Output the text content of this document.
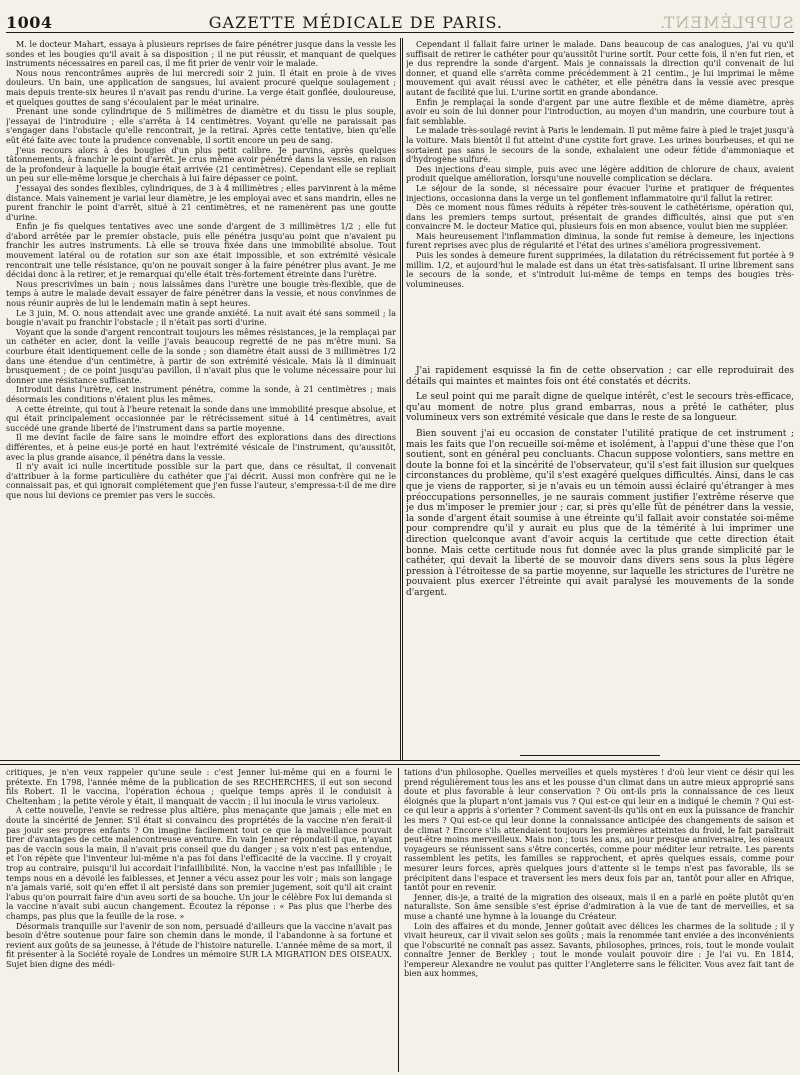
1004	GAZETTE MÉDICALE DE PARIS.	SUPPLÉMENT.

M. le docteur Mahart, essaya à plusieurs reprises de faire pénétrer jusque dans la vessie les sondes et les bougies qu'il avait à sa disposition ; il ne put réussir, et manquant de quelques instruments nécessaires en pareil cas, il me fit prier de venir voir le malade.

Nous nous rencontrâmes auprès de lui mercredi soir 2 juin. Il était en proie à de vives douleurs. Un bain, une application de sangsues, lui avaient procuré quelque soulagement ; mais depuis trente-six heures il n'avait pas rendu d'urine. La verge était gonflée, douloureuse, et quelques gouttes de sang s'écoulaient par le méat urinaire.

Prenant une sonde cylindrique de 5 millimètres de diamètre et du tissu le plus souple, j'essayai de l'introduire ; elle s'arrêta à 14 centimètres. Voyant qu'elle ne paraissait pas s'engager dans l'obstacle qu'elle rencontrait, je la retirai. Après cette tentative, bien qu'elle eût été faite avec toute la prudence convenable, il sortit encore un peu de sang.

J'eus recours alors à des bougies d'un plus petit calibre. Je parvins, après quelques tâtonnements, à franchir le point d'arrêt. Je crus même avoir pénétré dans la vessie, en raison de la profondeur à laquelle la bougie était arrivée (21 centimètres). Cependant elle se repliait un peu sur elle-même lorsque je cherchais à lui faire dépasser ce point.

J'essayai des sondes flexibles, cylindriques, de 3 à 4 millimètres ; elles parvinrent à la même distance. Mais vainement je variai leur diamètre, je les employai avec et sans mandrin, elles ne purent franchir le point d'arrêt, situé à 21 centimètres, et ne ramenèrent pas une goutte d'urine.

Enfin je fis quelques tentatives avec une sonde d'argent de 3 millimètres 1/2 ; elle fut d'abord arrêtée par le premier obstacle, puis elle pénétra jusqu'au point que n'avaient pu franchir les autres instruments. Là elle se trouva fixée dans une immobilité absolue. Tout mouvement latéral ou de rotation sur son axe était impossible, et son extrémité vésicale rencontrait une telle résistance, qu'on ne pouvait songer à la faire pénétrer plus avant. Je me décidai donc à la retirer, et je remarquai qu'elle était très-fortement étreinte dans l'urètre.

Nous prescrivîmes un bain ; nous laissâmes dans l'urètre une bougie très-flexible, que de temps à autre le malade devait essayer de faire pénétrer dans la vessie, et nous convînmes de nous réunir auprès de lui le lendemain matin à sept heures.

Le 3 juin, M. O. nous attendait avec une grande anxiété. La nuit avait été sans sommeil ; la bougie n'avait pu franchir l'obstacle ; il n'était pas sorti d'urine.

Voyant que la sonde d'argent rencontrait toujours les mêmes résistances, je la remplaçai par un cathéter en acier, dont la veille j'avais beaucoup regretté de ne pas m'être muni. Sa courbure était identiquement celle de la sonde ; son diamètre était aussi de 3 millimètres 1/2 dans une étendue d'un centimètre, à partir de son extrémité vésicale. Mais là il diminuait brusquement ; de ce point jusqu'au pavillon, il n'avait plus que le volume nécessaire pour lui donner une résistance suffisante.

Introduit dans l'urètre, cet instrument pénétra, comme la sonde, à 21 centimètres ; mais désormais les conditions n'étaient plus les mêmes.

A cette étreinte, qui tout à l'heure retenait la sonde dans une immobilité presque absolue, et qui était principalement occasionnée par le rétrécissement situé à 14 centimètres, avait succédé une grande liberté de l'instrument dans sa partie moyenne.

Il me devint facile de faire sans le moindre effort des explorations dans des directions différentes, et à peine eus-je porté en haut l'extrémité vésicale de l'instrument, qu'aussitôt, avec la plus grande aisance, il pénétra dans la vessie.

Il n'y avait ici nulle incertitude possible sur la part que, dans ce résultat, il convenait d'attribuer à la forme particulière du cathéter que j'ai décrit. Aussi mon confrère qui ne le connaissait pas, et qui ignorait complétement que j'en fusse l'auteur, s'empressa-t-il de me dire que nous lui devions ce premier pas vers le succès.

Cependant il fallait faire uriner le malade. Dans beaucoup de cas analogues, j'ai vu qu'il suffisait de retirer le cathéter pour qu'aussitôt l'urine sortît. Pour cette fois, il n'en fut rien, et je dus reprendre la sonde d'argent. Mais je connaissais la direction qu'il convenait de lui donner, et quand elle s'arrêta comme précédemment à 21 centim., je lui imprimai le même mouvement qui avait réussi avec le cathéter, et elle pénétra dans la vessie avec presque autant de facilité que lui. L'urine sortit en grande abondance.

Enfin je remplaçai la sonde d'argent par une autre flexible et de même diamètre, après avoir eu soin de lui donner pour l'introduction, au moyen d'un mandrin, une courbure tout à fait semblable.

Le malade très-soulagé revint à Paris le lendemain. Il put même faire à pied le trajet jusqu'à la voiture. Mais bientôt il fut atteint d'une cystite fort grave. Les urines bourbeuses, et qui ne sortaient pas sans le secours de la sonde, exhalaient une odeur fétide d'ammoniaque et d'hydrogène sulfuré.

Des injections d'eau simple, puis avec une légère addition de chlorure de chaux, avaient produit quelque amélioration, lorsqu'une nouvelle complication se déclara.

Le séjour de la sonde, si nécessaire pour évacuer l'urine et pratiquer de fréquentes injections, occasionna dans la verge un tel gonflement inflammatoire qu'il fallut la retirer.

Dès ce moment nous fûmes réduits à répéter très-souvent le cathétérisme, opération qui, dans les premiers temps surtout, présentait de grandes difficultés, ainsi que put s'en convaincre M. le docteur Matice qui, plusieurs fois en mon absence, voulut bien me suppléer.

Mais heureusement l'inflammation diminua, la sonde fut remise à demeure, les injections furent reprises avec plus de régularité et l'état des urines s'améliora progressivement.

Puis les sondes à demeure furent supprimées, la dilatation du rétrécissement fut portée à 9 millim. 1/2, et aujourd'hui le malade est dans un état très-satisfaisant. Il urine librement sans le secours de la sonde, et s'introduit lui-même de temps en temps des bougies très-volumineuses.

J'ai rapidement esquissé la fin de cette observation ; car elle reproduirait des détails qui maintes et maintes fois ont été constatés et décrits.

Le seul point qui me paraît digne de quelque intérêt, c'est le secours très-efficace, qu'au moment de notre plus grand embarras, nous a prêté le cathéter, plus volumineux vers son extrémité vésicale que dans le reste de sa longueur.

Bien souvent j'ai eu occasion de constater l'utilité pratique de cet instrument ; mais les faits que l'on recueille soi-même et isolément, à l'appui d'une thèse que l'on soutient, sont en général peu concluants. Chacun suppose volontiers, sans mettre en doute la bonne foi et la sincérité de l'observateur, qu'il s'est fait illusion sur quelques circonstances du problème, qu'il s'est exagéré quelques difficultés. Ainsi, dans le cas que je viens de rapporter, si je n'avais eu un témoin aussi éclairé qu'étranger à mes préoccupations personnelles, je ne saurais comment justifier l'extrême réserve que je dus m'imposer le premier jour ; car, si près qu'elle fût de pénétrer dans la vessie, la sonde d'argent était soumise à une étreinte qu'il fallait avoir constatée soi-même pour comprendre qu'il y aurait eu plus que de la témérité à lui imprimer une direction quelconque avant d'avoir acquis la certitude que cette direction était bonne. Mais cette certitude nous fut donnée avec la plus grande simplicité par le cathéter, qui devait la liberté de se mouvoir dans divers sens sous la plus légère pression à l'étroitesse de sa partie moyenne, sur laquelle les strictures de l'urètre ne pouvaient plus exercer l'étreinte qui avait paralysé les mouvements de la sonde d'argent.

critiques, je n'en veux rappeler qu'une seule : c'est Jenner lui-même qui en a fourni le prétexte. En 1798, l'année même de la publication de ses RECHERCHES, il eut son second fils Robert. Il le vaccina, l'opération échoua ; quelque temps après il le conduisit à Cheltenham ; la petite vérole y était, il manquait de vaccin ; il lui inocula le virus varioleux.

A cette nouvelle, l'envie se redresse plus altière, plus menaçante que jamais ; elle met en doute la sincérité de Jenner. S'il était si convaincu des propriétés de la vaccine n'en ferait-il pas jouir ses propres enfants ? On imagine facilement tout ce que la malveillance pouvait tirer d'avantages de cette malencontreuse aventure. En vain Jenner répondait-il que, n'ayant pas de vaccin sous la main, il n'avait pris conseil que du danger ; sa voix n'est pas entendue, et l'on répète que l'inventeur lui-même n'a pas foi dans l'efficacité de la vaccine. Il y croyait trop au contraire, puisqu'il lui accordait l'infaillibilité. Non, la vaccine n'est pas infaillible ; le temps nous en a dévoilé les faiblesses, et Jenner a vécu assez pour les voir ; mais son langage n'a jamais varié, soit qu'en effet il ait persisté dans son premier jugement, soit qu'il ait craint l'abus qu'on pourrait faire d'un aveu sorti de sa bouche. Un jour le célèbre Fox lui demanda si la vaccine n'avait subi aucun changement. Écoutez la réponse : « Pas plus que l'herbe des champs, pas plus que la feuille de la rose. »

Désormais tranquille sur l'avenir de son nom, persuadé d'ailleurs que la vaccine n'avait pas besoin d'être soutenue pour faire son chemin dans le monde, il l'abandonne à sa fortune et revient aux goûts de sa jeunesse, à l'étude de l'histoire naturelle. L'année même de sa mort, il fit présenter à la Société royale de Londres un mémoire SUR LA MIGRATION DES OISEAUX. Sujet bien digne des médi-

tations d'un philosophe. Quelles merveilles et quels mystères ! d'où leur vient ce désir qui les prend régulièrement tous les ans et les pousse d'un climat dans un autre mieux approprié sans doute et plus favorable à leur conservation ? Où ont-ils pris la connaissance de ces lieux éloignés que la plupart n'ont jamais vus ? Qui est-ce qui leur en a indiqué le chemin ? Qui est-ce qui leur a appris à s'orienter ? Comment savent-ils qu'ils ont en eux la puissance de franchir les mers ? Qui est-ce qui leur donne la connaissance anticipée des changements de saison et de climat ? Encore s'ils attendaient toujours les premières atteintes du froid, le fait paraîtrait peut-être moins merveilleux. Mais non ; tous les ans, au jour presque anniversaire, les oiseaux voyageurs se réunissent sans s'être concertés, comme pour méditer leur retraite. Les parents rassemblent les petits, les familles se rapprochent, et après quelques essais, comme pour mesurer leurs forces, après quelques jours d'attente si le temps n'est pas favorable, ils se précipitent dans l'espace et traversent les mers deux fois par an, tantôt pour aller en Afrique, tantôt pour en revenir.

Jenner, dis-je, a traité de la migration des oiseaux, mais il en a parlé en poëte plutôt qu'en naturaliste. Son âme sensible s'est éprise d'admiration à la vue de tant de merveilles, et sa muse a chanté une hymne à la louange du Créateur.

Loin des affaires et du monde, Jenner goûtait avec délices les charmes de la solitude ; il y vivait heureux, car il vivait selon ses goûts ; mais la renommée tant enviée a des inconvénients que l'obscurité ne connaît pas assez. Savants, philosophes, princes, rois, tout le monde voulait connaître Jenner de Berkley ; tout le monde voulait pouvoir dire : Je l'ai vu. En 1814, l'empereur Alexandre ne voulut pas quitter l'Angleterre sans le féliciter. Vous avez fait tant de bien aux hommes,
